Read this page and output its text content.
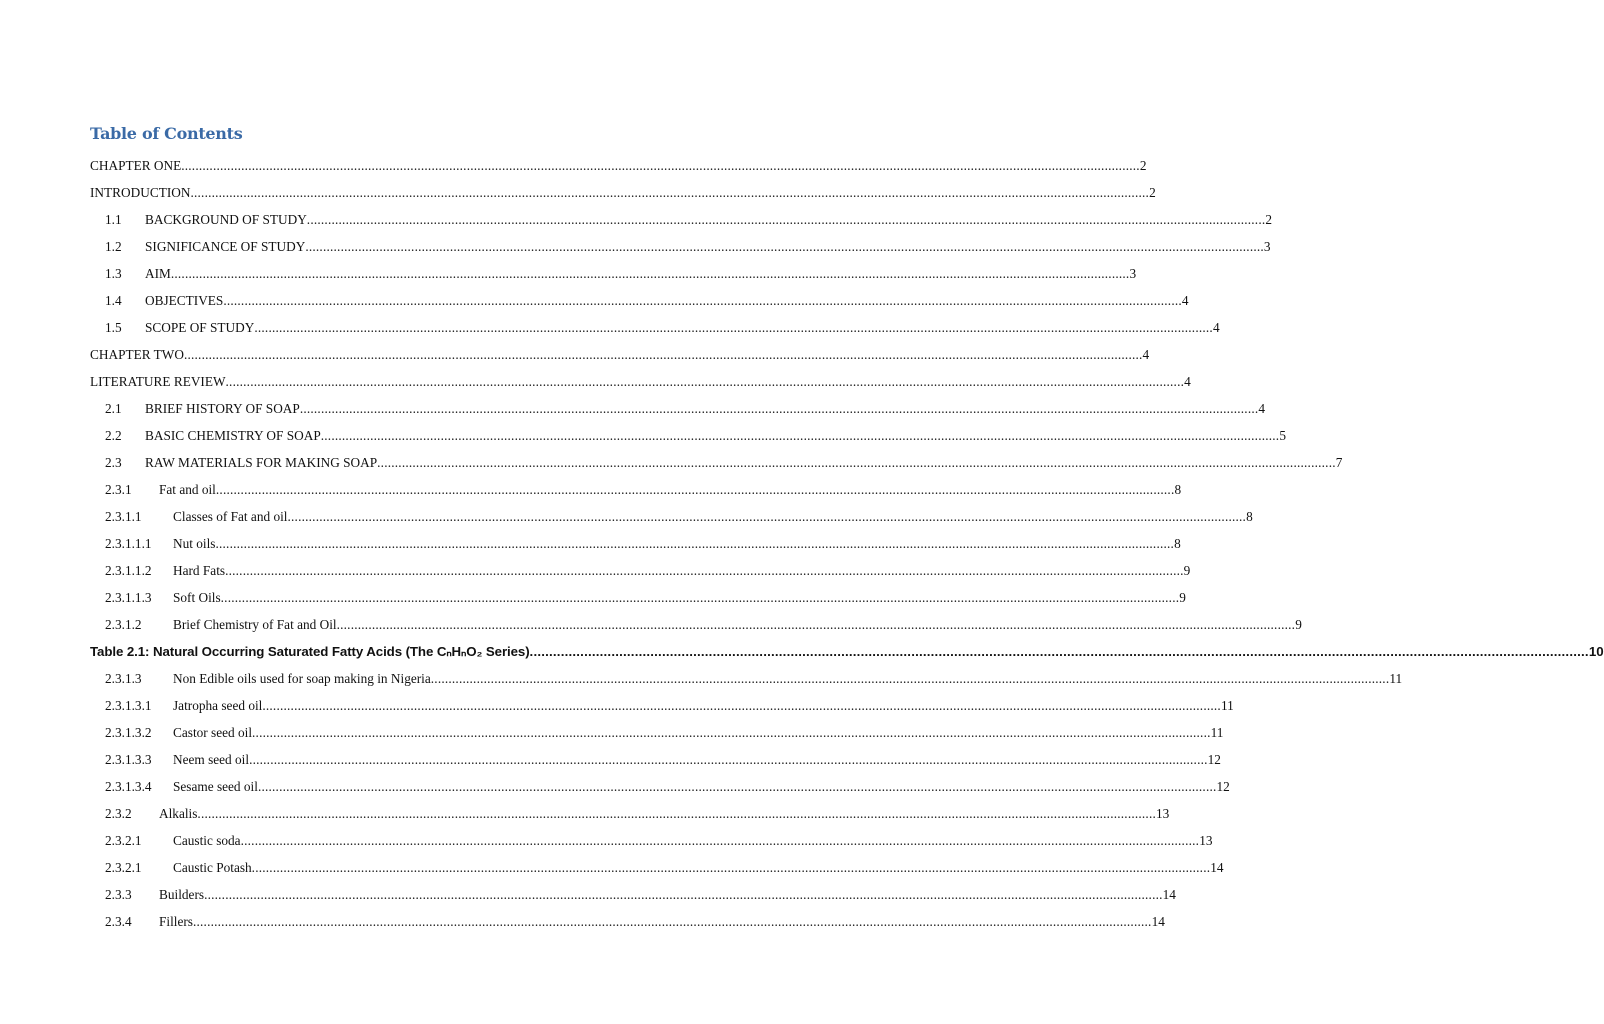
Table of Contents
CHAPTER ONE .....	2
INTRODUCTION .....	2
1.1	BACKGROUND OF STUDY .....	2
1.2	SIGNIFICANCE OF STUDY .....	3
1.3	AIM .....	3
1.4	OBJECTIVES .....	4
1.5	SCOPE OF STUDY .....	4
CHAPTER TWO .....	4
LITERATURE REVIEW .....	4
2.1	BRIEF HISTORY OF SOAP .....	4
2.2	BASIC CHEMISTRY OF SOAP .....	5
2.3	RAW MATERIALS FOR MAKING SOAP .....	7
2.3.1	Fat and oil .....	8
2.3.1.1	Classes of Fat and oil .....	8
2.3.1.1.1	Nut oils .....	8
2.3.1.1.2	Hard Fats .....	9
2.3.1.1.3	Soft Oils .....	9
2.3.1.2	Brief Chemistry of Fat and Oil .....	9
Table 2.1: Natural Occurring Saturated Fatty Acids (The CₙHₙO₂ Series) .....	10
2.3.1.3	Non Edible oils used for soap making in Nigeria .....	11
2.3.1.3.1	Jatropha seed oil .....	11
2.3.1.3.2	Castor seed oil .....	11
2.3.1.3.3	Neem seed oil .....	12
2.3.1.3.4	Sesame seed oil .....	12
2.3.2	Alkalis .....	13
2.3.2.1	Caustic soda .....	13
2.3.2.1	Caustic Potash .....	14
2.3.3	Builders .....	14
2.3.4	Fillers .....	14
